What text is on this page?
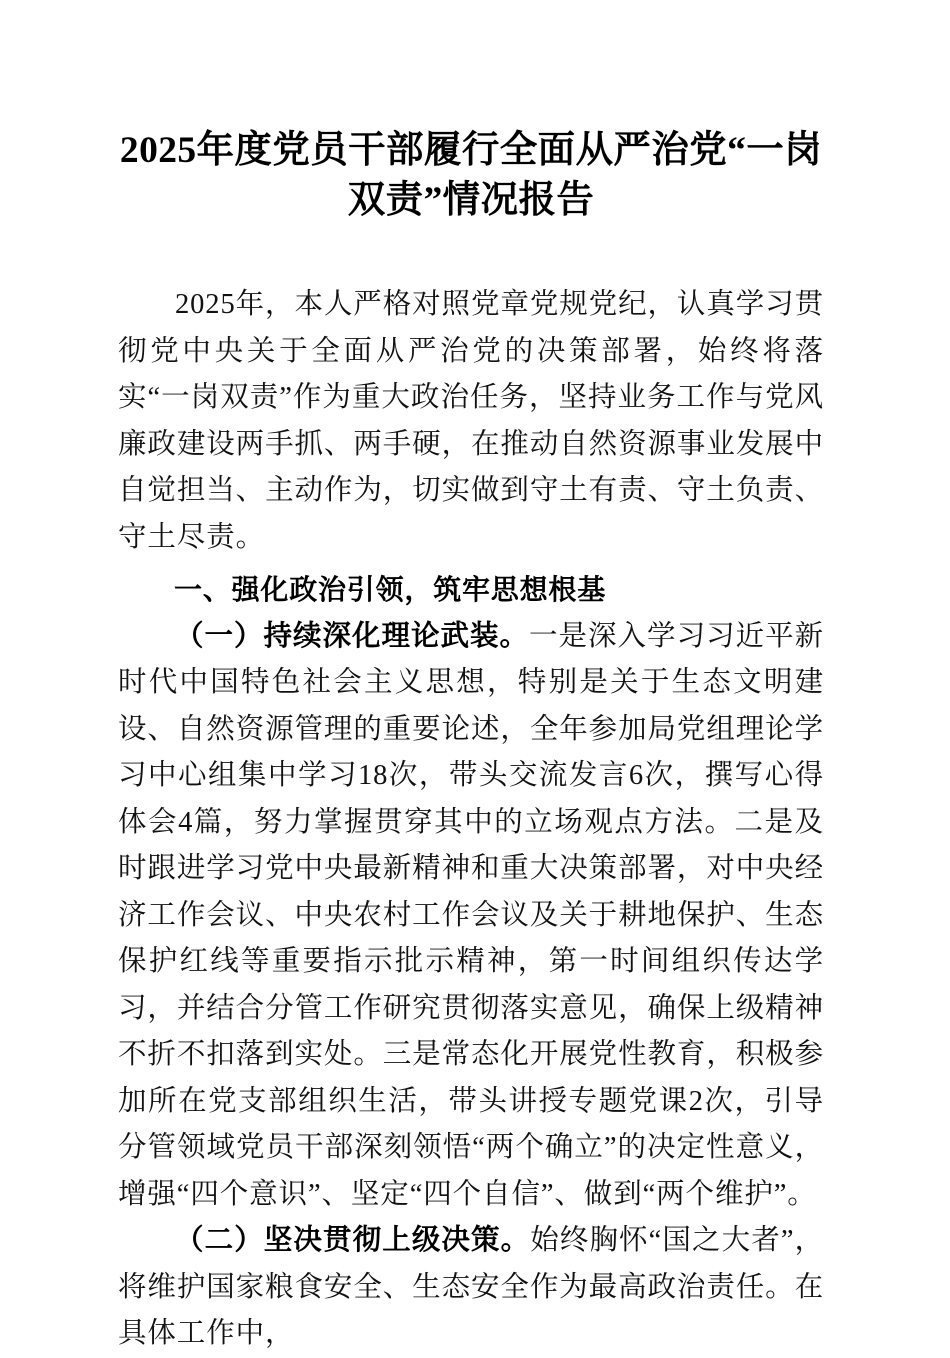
2025年度党员干部履行全面从严治党“一岗双责”情况报告

2025年，本人严格对照党章党规党纪，认真学习贯彻党中央关于全面从严治党的决策部署，始终将落实“一岗双责”作为重大政治任务，坚持业务工作与党风廉政建设两手抓、两手硬，在推动自然资源事业发展中自觉担当、主动作为，切实做到守土有责、守土负责、守土尽责。

一、强化政治引领，筑牢思想根基

（一）持续深化理论武装。一是深入学习习近平新时代中国特色社会主义思想，特别是关于生态文明建设、自然资源管理的重要论述，全年参加局党组理论学习中心组集中学习18次，带头交流发言6次，撰写心得体会4篇，努力掌握贯穿其中的立场观点方法。二是及时跟进学习党中央最新精神和重大决策部署，对中央经济工作会议、中央农村工作会议及关于耕地保护、生态保护红线等重要指示批示精神，第一时间组织传达学习，并结合分管工作研究贯彻落实意见，确保上级精神不折不扣落到实处。三是常态化开展党性教育，积极参加所在党支部组织生活，带头讲授专题党课2次，引导分管领域党员干部深刻领悟“两个确立”的决定性意义，增强“四个意识”、坚定“四个自信”、做到“两个维护”。

（二）坚决贯彻上级决策。始终胸怀“国之大者”，将维护国家粮食安全、生态安全作为最高政治责任。在具体工作中，
